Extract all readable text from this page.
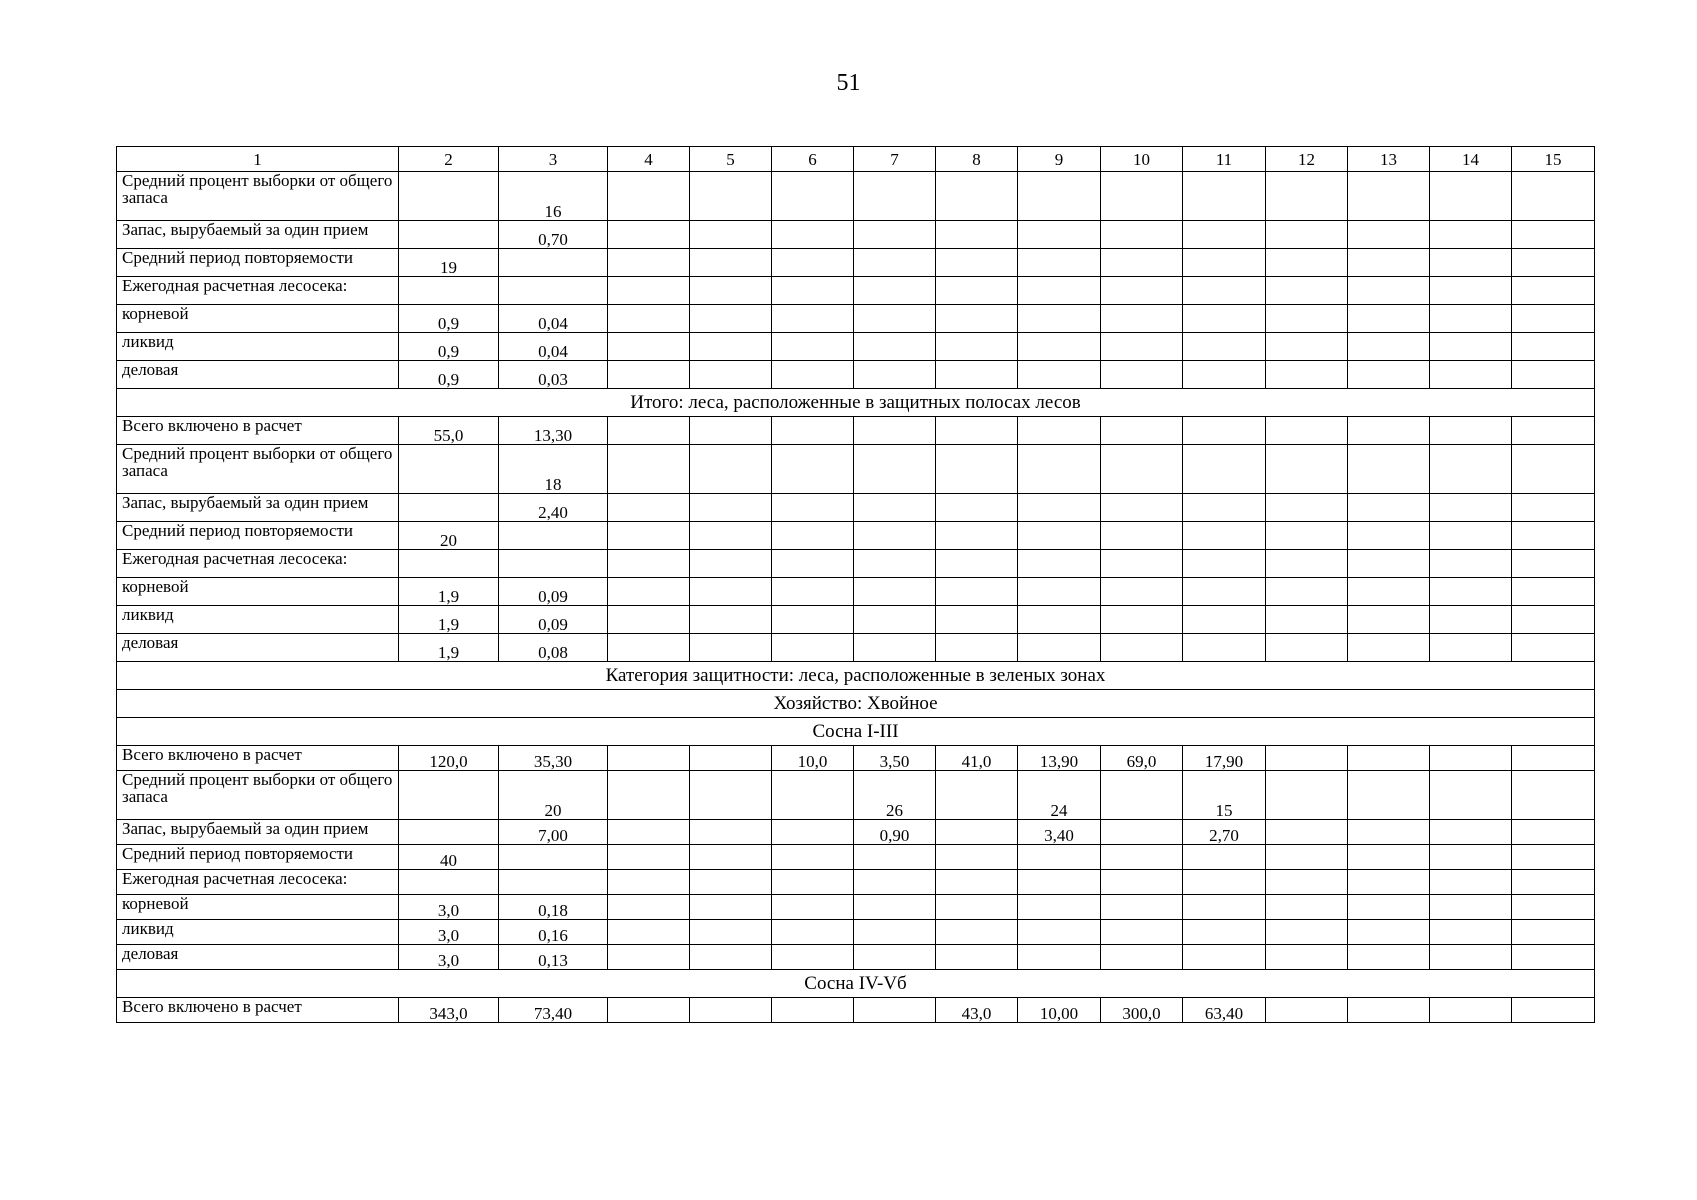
51
1	2	3	4	5	6	7	8	9	10	11	12	13	14	15
Средний процент выборки от общего запаса		16												
Запас, вырубаемый за один прием		0,70												
Средний период повторяемости	19													
Ежегодная расчетная лесосека:														
корневой	0,9	0,04												
ликвид	0,9	0,04												
деловая	0,9	0,03												
Итого: леса, расположенные в защитных полосах лесов														
Всего включено в расчет	55,0	13,30												
Средний процент выборки от общего запаса		18												
Запас, вырубаемый за один прием		2,40												
Средний период повторяемости	20													
Ежегодная расчетная лесосека:														
корневой	1,9	0,09												
ликвид	1,9	0,09												
деловая	1,9	0,08												
Категория защитности: леса, расположенные в зеленых зонах														
Хозяйство: Хвойное														
Сосна I-III														
Всего включено в расчет	120,0	35,30			10,0	3,50	41,0	13,90	69,0	17,90				
Средний процент выборки от общего запаса		20				26		24		15				
Запас, вырубаемый за один прием		7,00				0,90		3,40		2,70				
Средний период повторяемости	40													
Ежегодная расчетная лесосека:														
корневой	3,0	0,18												
ликвид	3,0	0,16												
деловая	3,0	0,13												
Сосна IV-Vб														
Всего включено в расчет	343,0	73,40					43,0	10,00	300,0	63,40				
